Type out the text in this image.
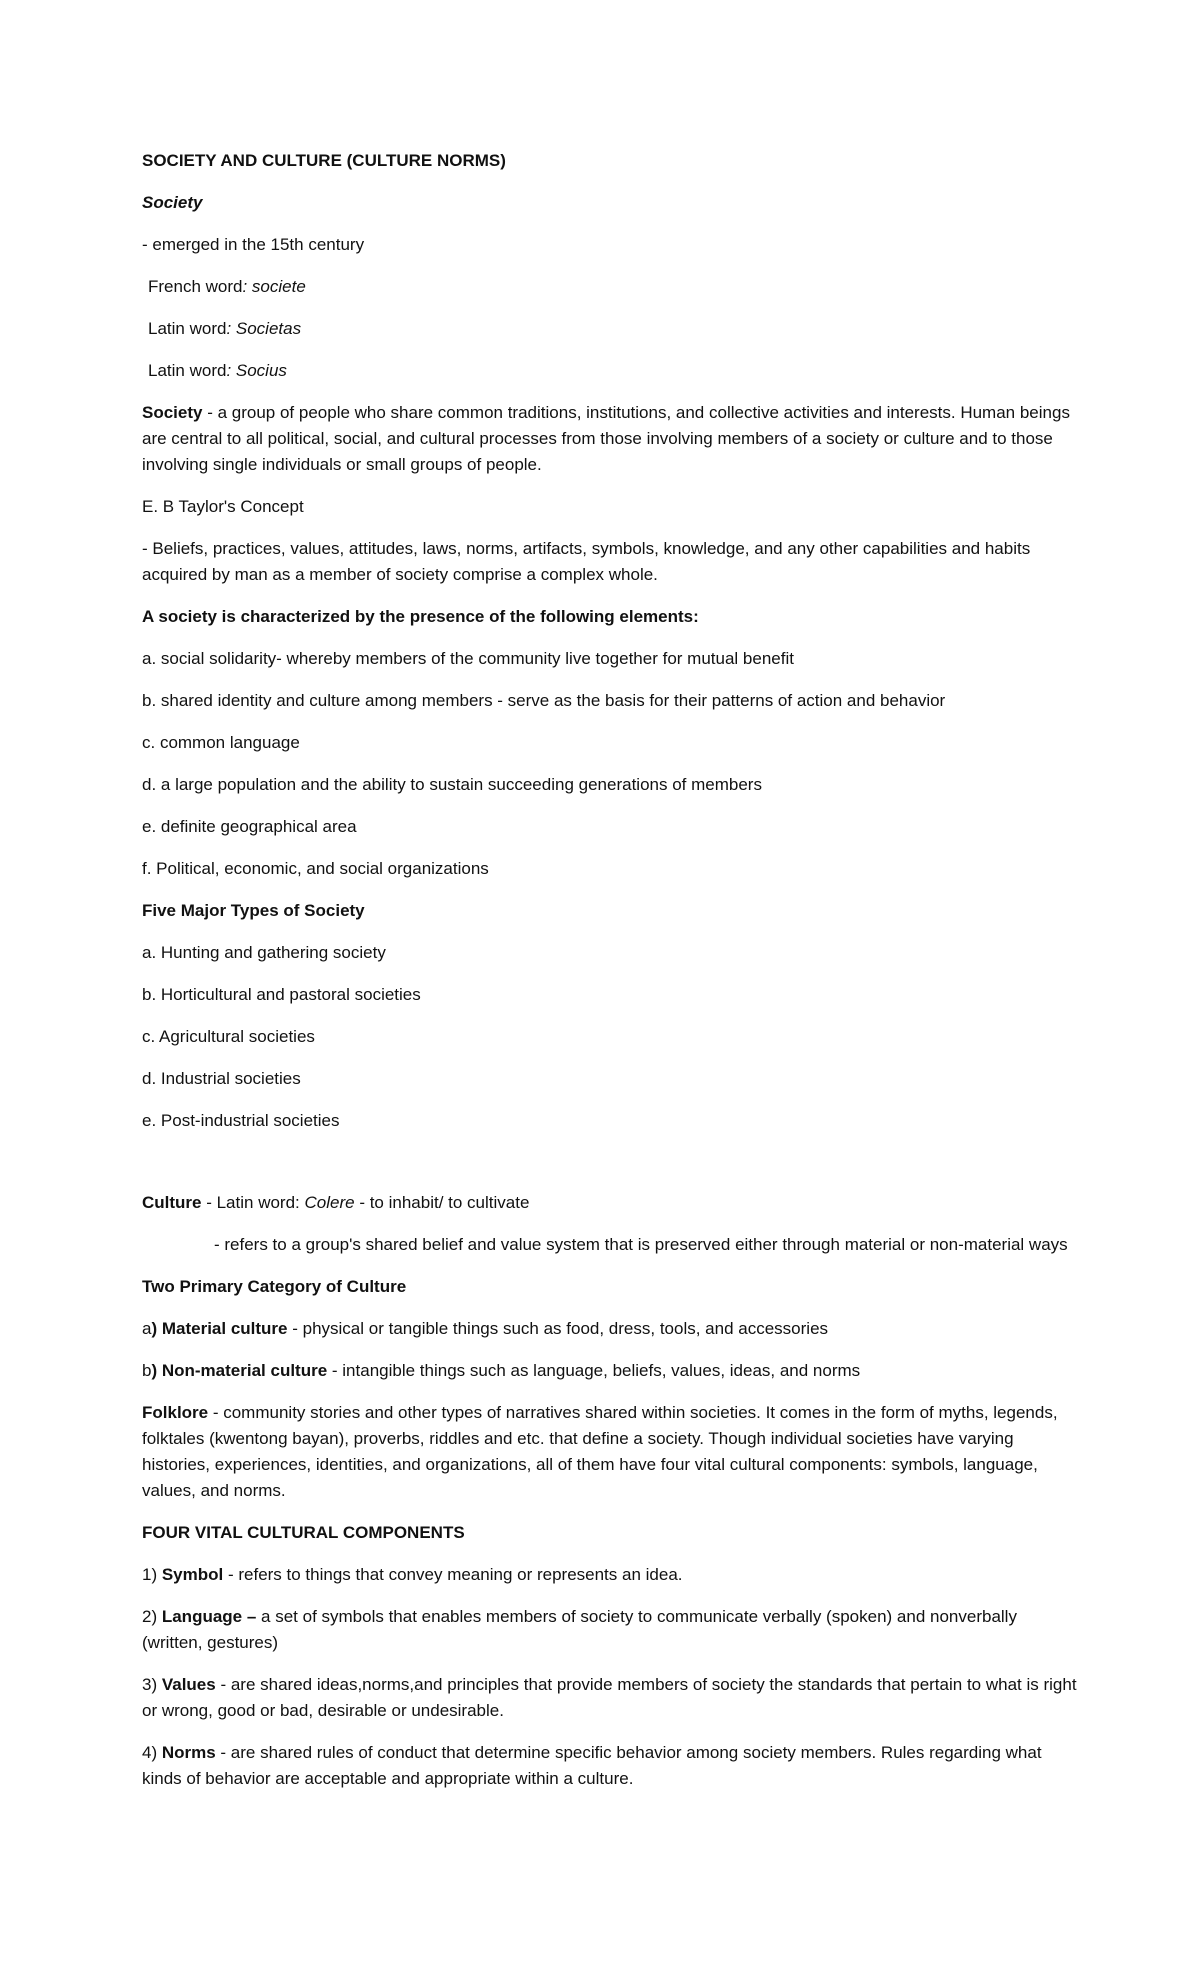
SOCIETY AND CULTURE (CULTURE NORMS)

Society

- emerged in the 15th century

French word: societe

Latin word: Societas

Latin word: Socius

Society - a group of people who share common traditions, institutions, and collective activities and interests. Human beings are central to all political, social, and cultural processes from those involving members of a society or culture and to those involving single individuals or small groups of people.

E. B Taylor's Concept

- Beliefs, practices, values, attitudes, laws, norms, artifacts, symbols, knowledge, and any other capabilities and habits acquired by man as a member of society comprise a complex whole.

A society is characterized by the presence of the following elements:

a. social solidarity- whereby members of the community live together for mutual benefit

b. shared identity and culture among members - serve as the basis for their patterns of action and behavior

c. common language

d. a large population and the ability to sustain succeeding generations of members

e. definite geographical area

f. Political, economic, and social organizations

Five Major Types of Society

a. Hunting and gathering society

b. Horticultural and pastoral societies

c. Agricultural societies

d. Industrial societies

e. Post-industrial societies

Culture - Latin word: Colere - to inhabit/ to cultivate

- refers to a group's shared belief and value system that is preserved either through material or non-material ways

Two Primary Category of Culture

a) Material culture - physical or tangible things such as food, dress, tools, and accessories

b) Non-material culture - intangible things such as language, beliefs, values, ideas, and norms

Folklore - community stories and other types of narratives shared within societies. It comes in the form of myths, legends, folktales (kwentong bayan), proverbs, riddles and etc. that define a society. Though individual societies have varying histories, experiences, identities, and organizations, all of them have four vital cultural components: symbols, language, values, and norms.

FOUR VITAL CULTURAL COMPONENTS

1) Symbol - refers to things that convey meaning or represents an idea.

2) Language – a set of symbols that enables members of society to communicate verbally (spoken) and nonverbally (written, gestures)

3) Values - are shared ideas,norms,and principles that provide members of society the standards that pertain to what is right or wrong, good or bad, desirable or undesirable.

4) Norms - are shared rules of conduct that determine specific behavior among society members. Rules regarding what kinds of behavior are acceptable and appropriate within a culture.
